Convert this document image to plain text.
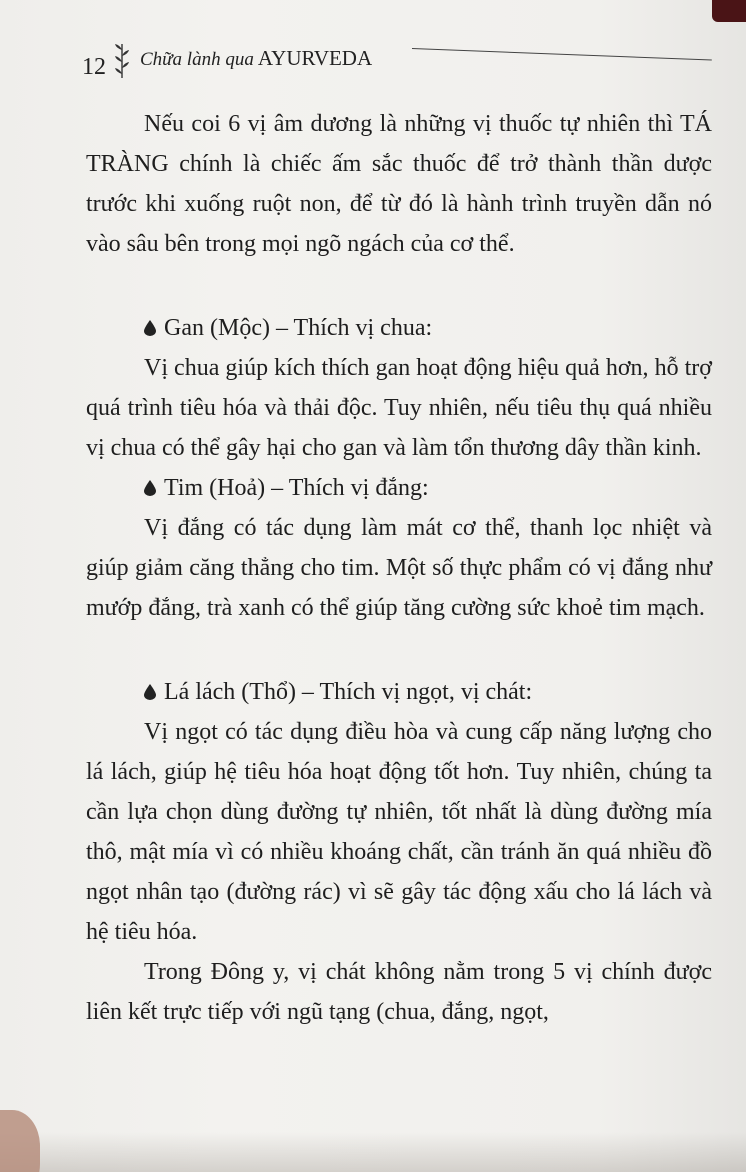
12 Chữa lành qua AYURVEDA

Nếu coi 6 vị âm dương là những vị thuốc tự nhiên thì TÁ TRÀNG chính là chiếc ấm sắc thuốc để trở thành thần dược trước khi xuống ruột non, để từ đó là hành trình truyền dẫn nó vào sâu bên trong mọi ngõ ngách của cơ thể.

Gan (Mộc) – Thích vị chua:

Vị chua giúp kích thích gan hoạt động hiệu quả hơn, hỗ trợ quá trình tiêu hóa và thải độc. Tuy nhiên, nếu tiêu thụ quá nhiều vị chua có thể gây hại cho gan và làm tổn thương dây thần kinh.

Tim (Hoả) – Thích vị đắng:

Vị đắng có tác dụng làm mát cơ thể, thanh lọc nhiệt và giúp giảm căng thẳng cho tim. Một số thực phẩm có vị đắng như mướp đắng, trà xanh có thể giúp tăng cường sức khoẻ tim mạch.

Lá lách (Thổ) – Thích vị ngọt, vị chát:

Vị ngọt có tác dụng điều hòa và cung cấp năng lượng cho lá lách, giúp hệ tiêu hóa hoạt động tốt hơn. Tuy nhiên, chúng ta cần lựa chọn dùng đường tự nhiên, tốt nhất là dùng đường mía thô, mật mía vì có nhiều khoáng chất, cần tránh ăn quá nhiều đồ ngọt nhân tạo (đường rác) vì sẽ gây tác động xấu cho lá lách và hệ tiêu hóa.

Trong Đông y, vị chát không nằm trong 5 vị chính được liên kết trực tiếp với ngũ tạng (chua, đắng, ngọt,
